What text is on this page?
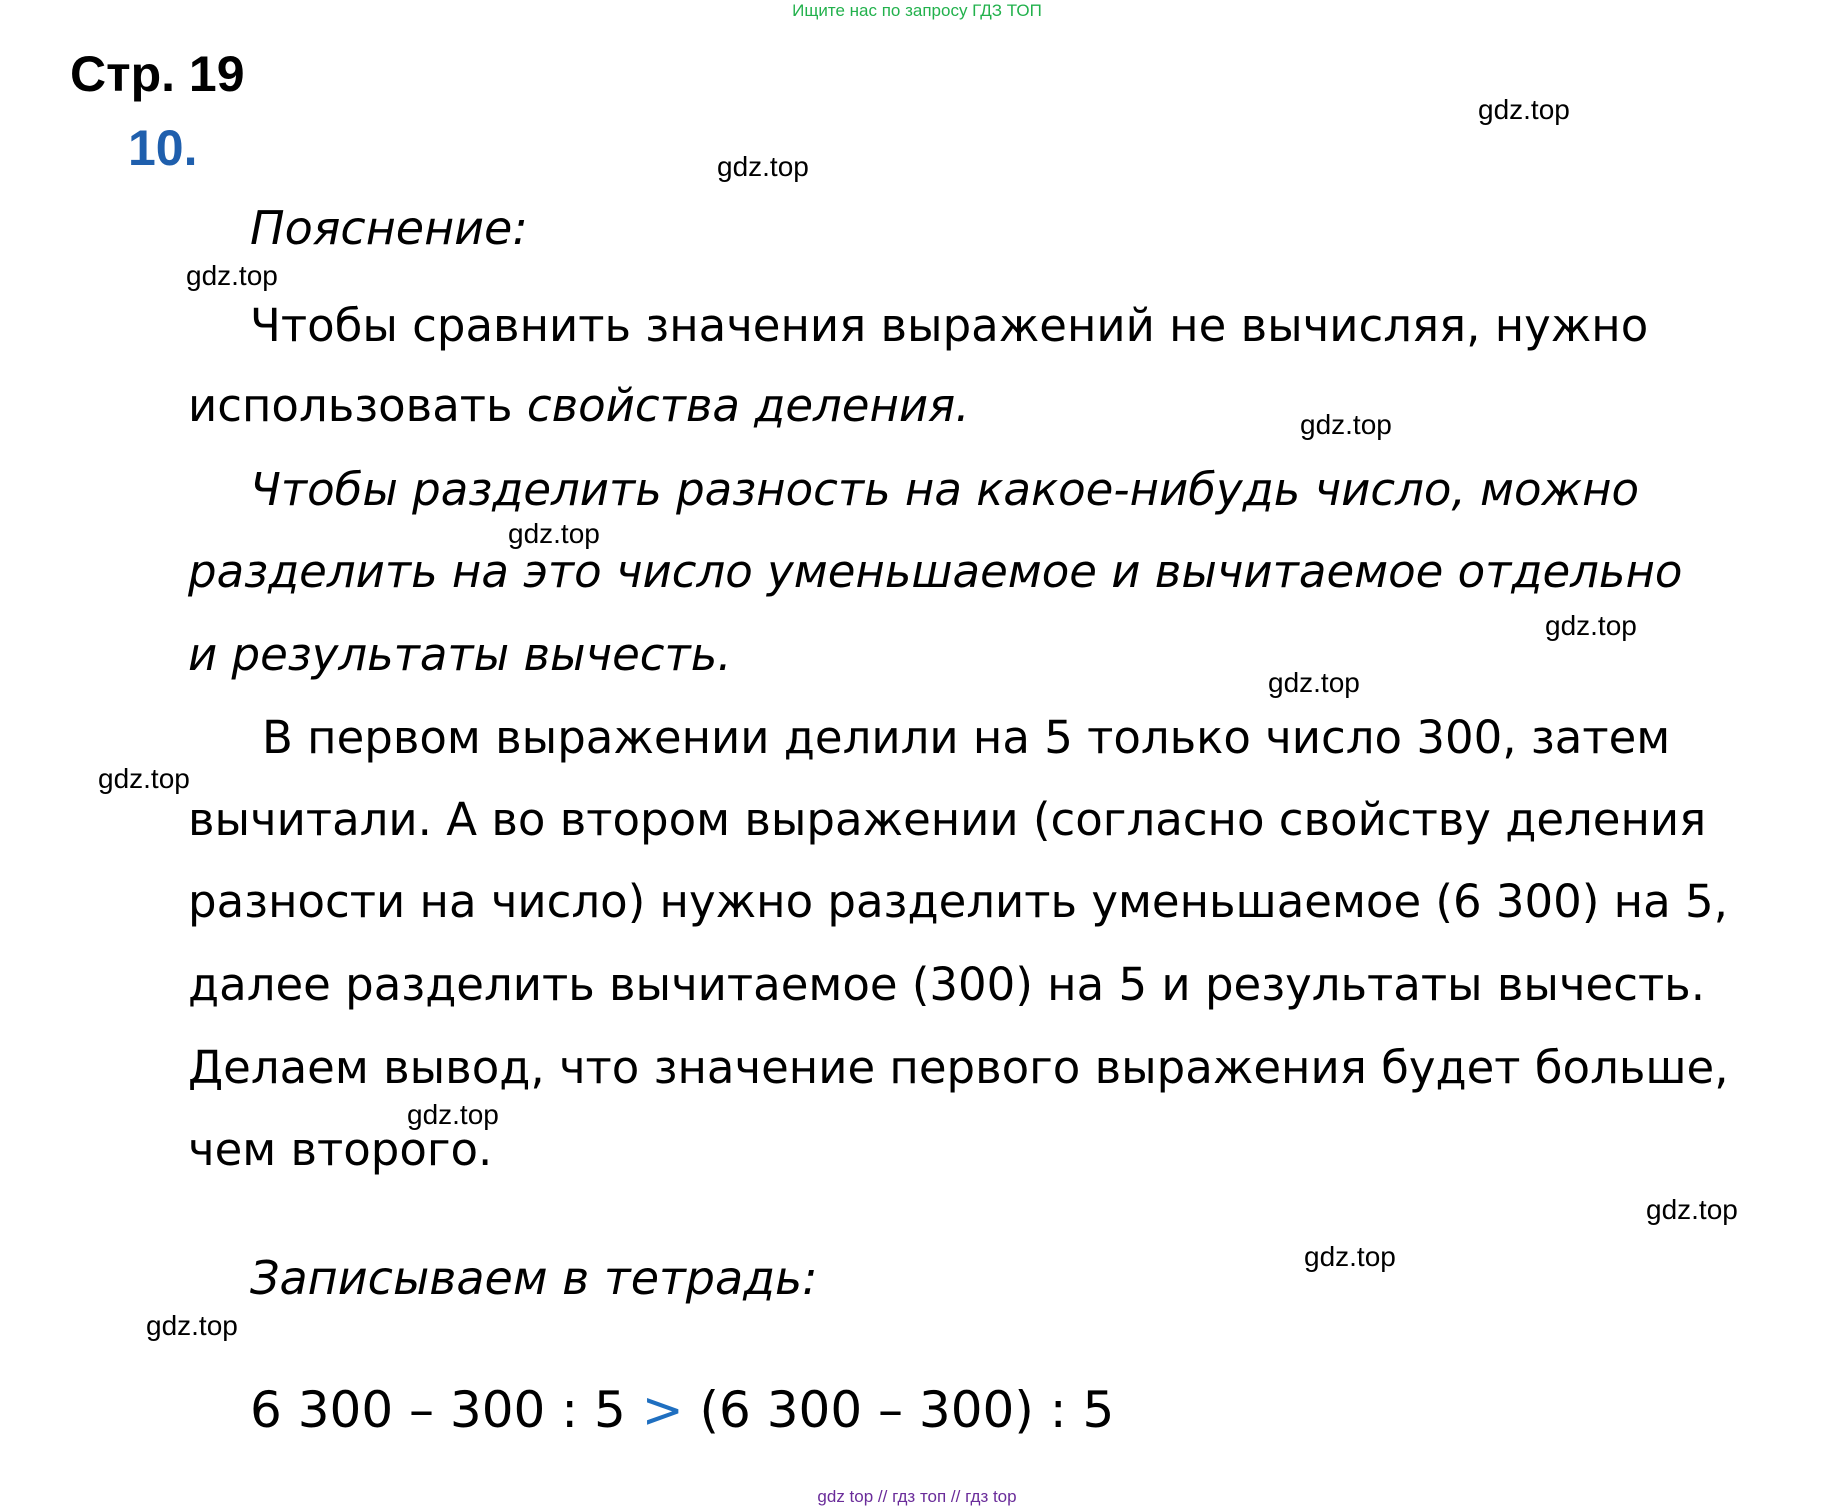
Ищите нас по запросу ГДЗ ТОП
Стр. 19
10.
Пояснение:
Чтобы сравнить значения выражений не вычисляя, нужно
использовать свойства деления.
Чтобы разделить разность на какое-нибудь число, можно
разделить на это число уменьшаемое и вычитаемое отдельно
и результаты вычесть.
В первом выражении делили на 5 только число 300, затем
вычитали. А во втором выражении (согласно свойству деления
разности на число) нужно разделить уменьшаемое (6 300) на 5,
далее разделить вычитаемое (300) на 5 и результаты вычесть.
Делаем вывод, что значение первого выражения будет больше,
чем второго.
Записываем в тетрадь:
6 300 – 300 : 5 > (6 300 – 300) : 5
gdz.top
gdz.top
gdz.top
gdz.top
gdz.top
gdz.top
gdz.top
gdz.top
gdz.top
gdz.top
gdz.top
gdz.top
gdz top // гдз топ // гдз top
